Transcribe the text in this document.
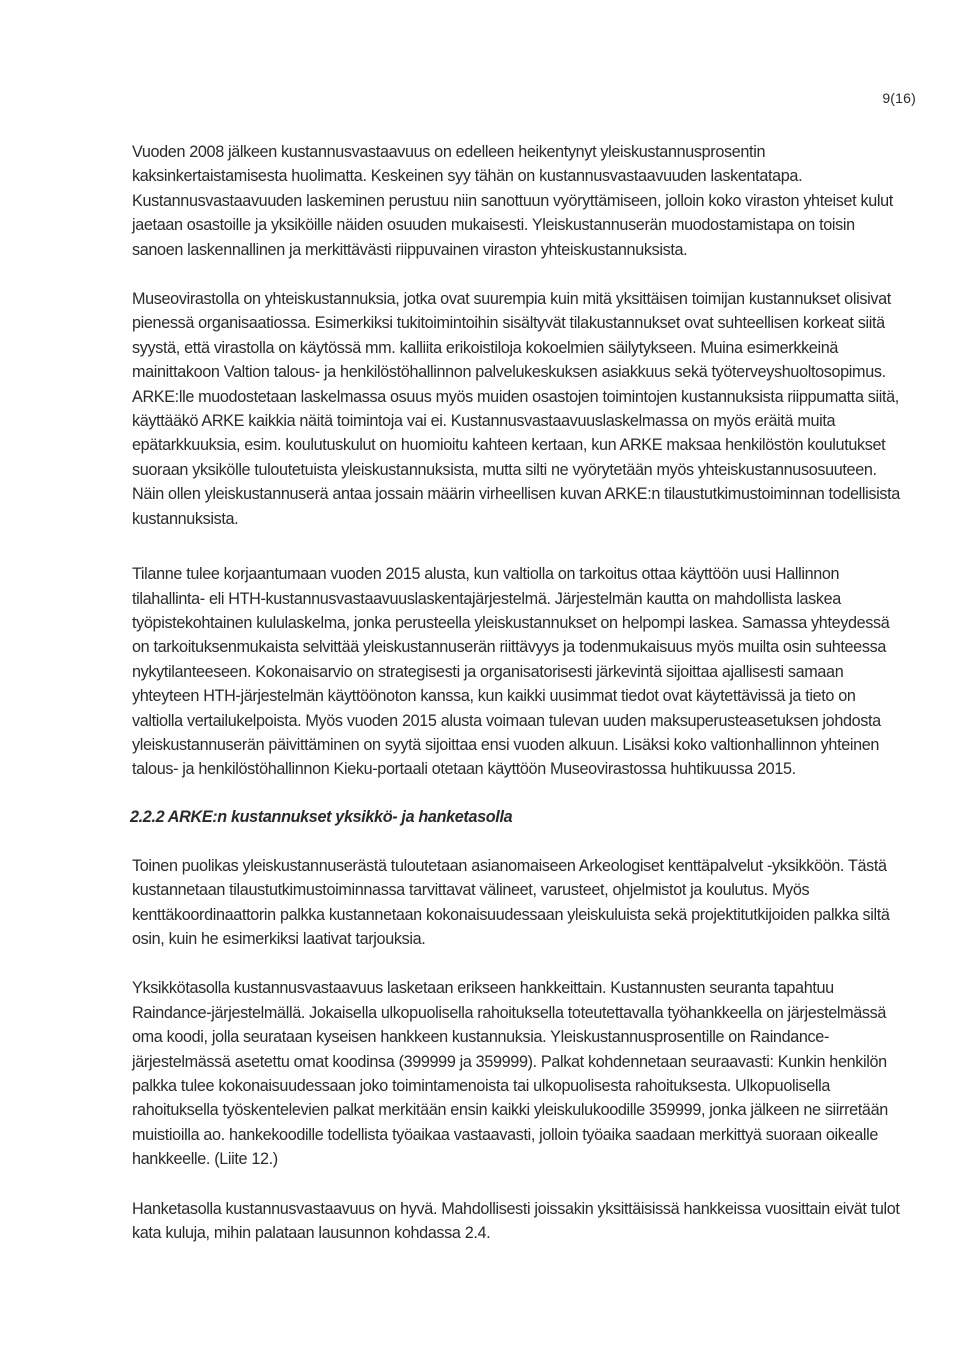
9(16)

Vuoden 2008 jälkeen kustannusvastaavuus on edelleen heikentynyt yleiskustannusprosentin kaksinkertaistamisesta huolimatta. Keskeinen syy tähän on kustannusvastaavuuden laskentatapa. Kustannusvastaavuuden laskeminen perustuu niin sanottuun vyöryttämiseen, jolloin koko viraston yhteiset kulut jaetaan osastoille ja yksiköille näiden osuuden mukaisesti. Yleiskustannuserän muodostamistapa on toisin sanoen laskennallinen ja merkittävästi riippuvainen viraston yhteiskustannuksista.

Museovirastolla on yhteiskustannuksia, jotka ovat suurempia kuin mitä yksittäisen toimijan kustannukset olisivat pienessä organisaatiossa. Esimerkiksi tukitoimintoihin sisältyvät tilakustannukset ovat suhteellisen korkeat siitä syystä, että virastolla on käytössä mm. kalliita erikoistiloja kokoelmien säilytykseen. Muina esimerkkeinä mainittakoon Valtion talous- ja henkilöstöhallinnon palvelukeskuksen asiakkuus sekä työterveyshuoltosopimus. ARKE:lle muodostetaan laskelmassa osuus myös muiden osastojen toimintojen kustannuksista riippumatta siitä, käyttääkö ARKE kaikkia näitä toimintoja vai ei. Kustannusvastaavuuslaskelmassa on myös eräitä muita epätarkkuuksia, esim. koulutuskulut on huomioitu kahteen kertaan, kun ARKE maksaa henkilöstön koulutukset suoraan yksikölle tuloutetuista yleiskustannuksista, mutta silti ne vyörytetään myös yhteiskustannusosuuteen. Näin ollen yleiskustannuserä antaa jossain määrin virheellisen kuvan ARKE:n tilaustutkimustoiminnan todellisista kustannuksista.

Tilanne tulee korjaantumaan vuoden 2015 alusta, kun valtiolla on tarkoitus ottaa käyttöön uusi Hallinnon tilahallinta- eli HTH-kustannusvastaavuuslaskentajärjestelmä. Järjestelmän kautta on mahdollista laskea työpistekohtainen kululaskelma, jonka perusteella yleiskustannukset on helpompi laskea. Samassa yhteydessä on tarkoituksenmukaista selvittää yleiskustannuserän riittävyys ja todenmukaisuus myös muilta osin suhteessa nykytilanteeseen. Kokonaisarvio on strategisesti ja organisatorisesti järkevintä sijoittaa ajallisesti samaan yhteyteen HTH-järjestelmän käyttöönoton kanssa, kun kaikki uusimmat tiedot ovat käytettävissä ja tieto on valtiolla vertailukelpoista. Myös vuoden 2015 alusta voimaan tulevan uuden maksuperusteasetuksen johdosta yleiskustannuserän päivittäminen on syytä sijoittaa ensi vuoden alkuun. Lisäksi koko valtionhallinnon yhteinen talous- ja henkilöstöhallinnon Kieku-portaali otetaan käyttöön Museovirastossa huhtikuussa 2015.

2.2.2 ARKE:n kustannukset yksikkö- ja hanketasolla

Toinen puolikas yleiskustannuserästä tuloutetaan asianomaiseen Arkeologiset kenttäpalvelut -yksikköön. Tästä kustannetaan tilaustutkimustoiminnassa tarvittavat välineet, varusteet, ohjelmistot ja koulutus. Myös kenttäkoordinaattorin palkka kustannetaan kokonaisuudessaan yleiskuluista sekä projektitutkijoiden palkka siltä osin, kuin he esimerkiksi laativat tarjouksia.

Yksikkötasolla kustannusvastaavuus lasketaan erikseen hankkeittain. Kustannusten seuranta tapahtuu Raindance-järjestelmällä. Jokaisella ulkopuolisella rahoituksella toteutettavalla työhankkeella on järjestelmässä oma koodi, jolla seurataan kyseisen hankkeen kustannuksia. Yleiskustannusprosentille on Raindance-järjestelmässä asetettu omat koodinsa (399999 ja 359999). Palkat kohdennetaan seuraavasti: Kunkin henkilön palkka tulee kokonaisuudessaan joko toimintamenoista tai ulkopuolisesta rahoituksesta. Ulkopuolisella rahoituksella työskentelevien palkat merkitään ensin kaikki yleiskulukoodille 359999, jonka jälkeen ne siirretään muistioilla ao. hankekoodille todellista työaikaa vastaavasti, jolloin työaika saadaan merkittyä suoraan oikealle hankkeelle. (Liite 12.)

Hanketasolla kustannusvastaavuus on hyvä. Mahdollisesti joissakin yksittäisissä hankkeissa vuosittain eivät tulot kata kuluja, mihin palataan lausunnon kohdassa 2.4.
